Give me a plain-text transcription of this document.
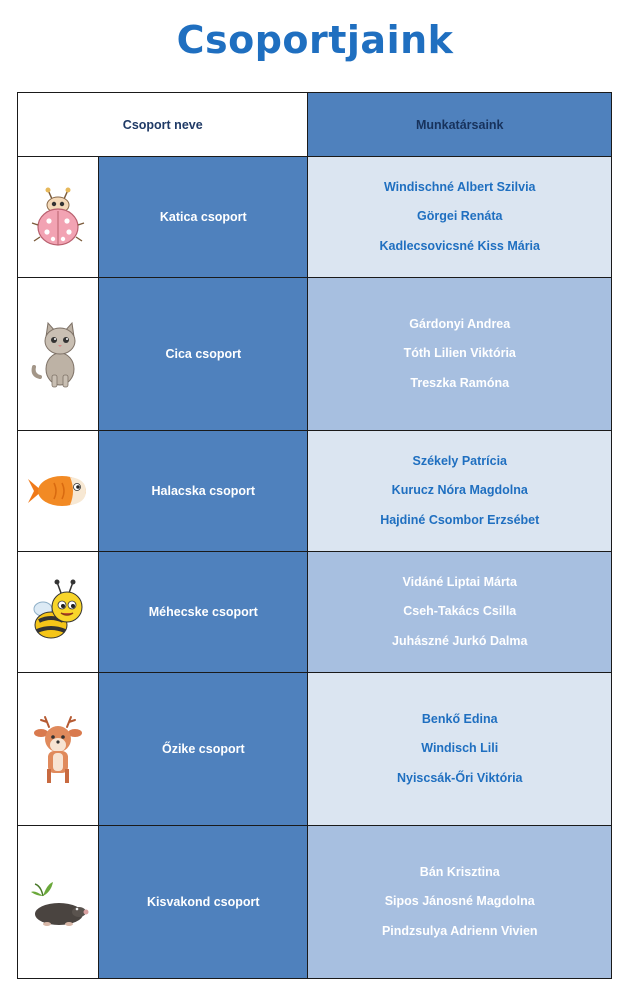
Csoportjaink
Csoport neve		Munkatársaink

	Katica csoport	Windischné Albert Szilvia
Görgei Renáta
Kadlecsovicsné Kiss Mária

	Cica csoport	Gárdonyi Andrea
Tóth Lilien Viktória
Treszka Ramóna

	Halacska csoport	Székely Patrícia
Kurucz Nóra Magdolna
Hajdiné Csombor Erzsébet

	Méhecske csoport	Vidáné Liptai Márta
Cseh-Takács Csilla
Juhászné Jurkó Dalma

	Őzike csoport	Benkő Edina
Windisch Lili
Nyiscsák-Őri Viktória

	Kisvakond csoport	Bán Krisztina
Sipos Jánosné Magdolna
Pindzsulya Adrienn Vivien
